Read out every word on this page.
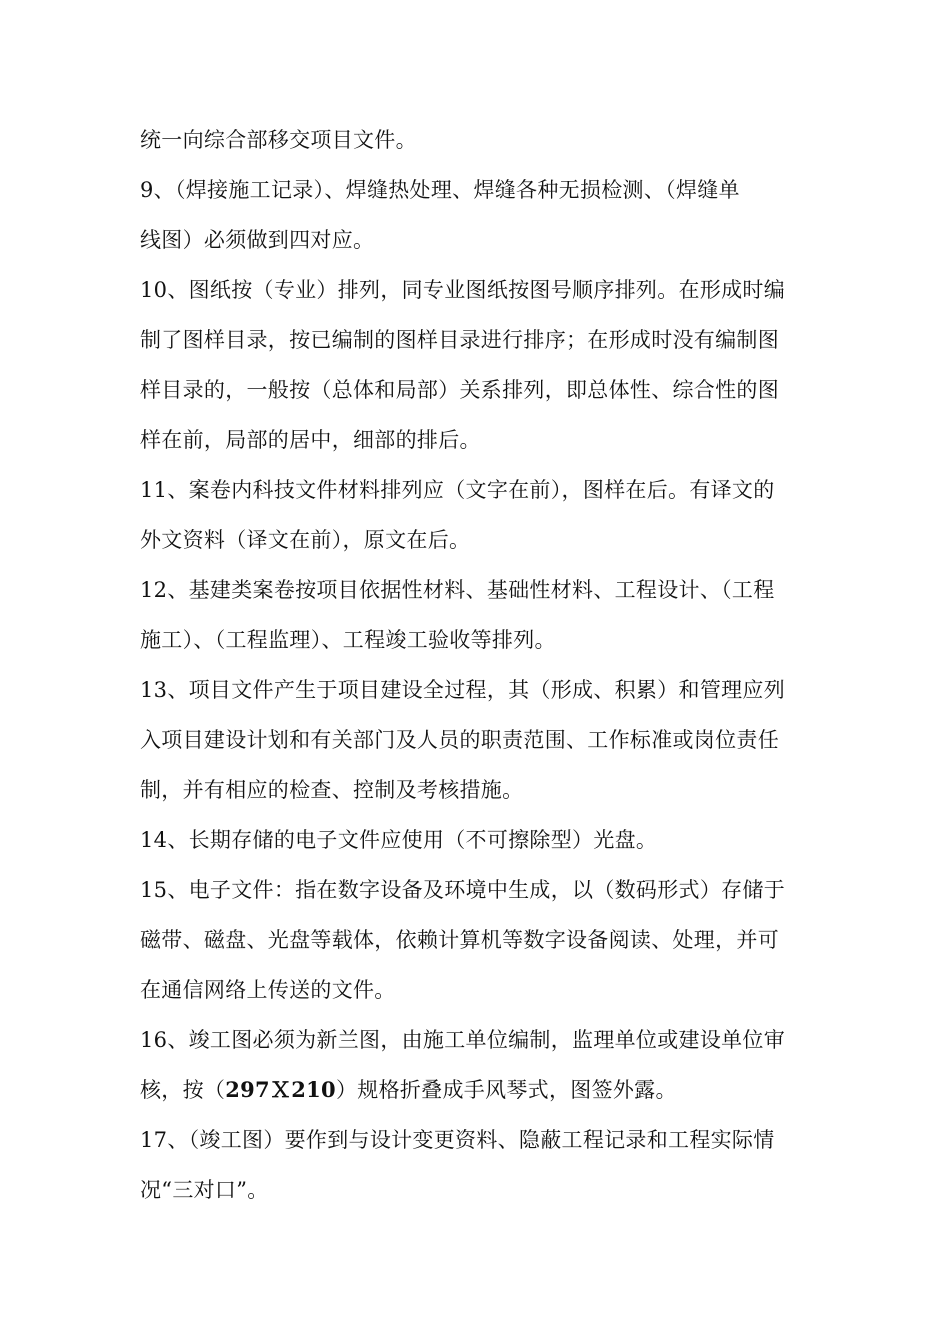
统一向综合部移交项目文件。
9、（焊接施工记录）、焊缝热处理、焊缝各种无损检测、（焊缝单
线图）必须做到四对应。
10、图纸按（专业）排列，同专业图纸按图号顺序排列。在形成时编
制了图样目录，按已编制的图样目录进行排序；在形成时没有编制图
样目录的，一般按（总体和局部）关系排列，即总体性、综合性的图
样在前，局部的居中，细部的排后。
11、案卷内科技文件材料排列应（文字在前），图样在后。有译文的
外文资料（译文在前），原文在后。
12、基建类案卷按项目依据性材料、基础性材料、工程设计、（工程
施工）、（工程监理）、工程竣工验收等排列。
13、项目文件产生于项目建设全过程，其（形成、积累）和管理应列
入项目建设计划和有关部门及人员的职责范围、工作标准或岗位责任
制，并有相应的检查、控制及考核措施。
14、长期存储的电子文件应使用（不可擦除型）光盘。
15、电子文件：指在数字设备及环境中生成，以（数码形式）存储于
磁带、磁盘、光盘等载体，依赖计算机等数字设备阅读、处理，并可
在通信网络上传送的文件。
16、竣工图必须为新兰图，由施工单位编制，监理单位或建设单位审
核，按（297Ｘ210）规格折叠成手风琴式，图签外露。
17、（竣工图）要作到与设计变更资料、隐蔽工程记录和工程实际情
况“三对口”。
